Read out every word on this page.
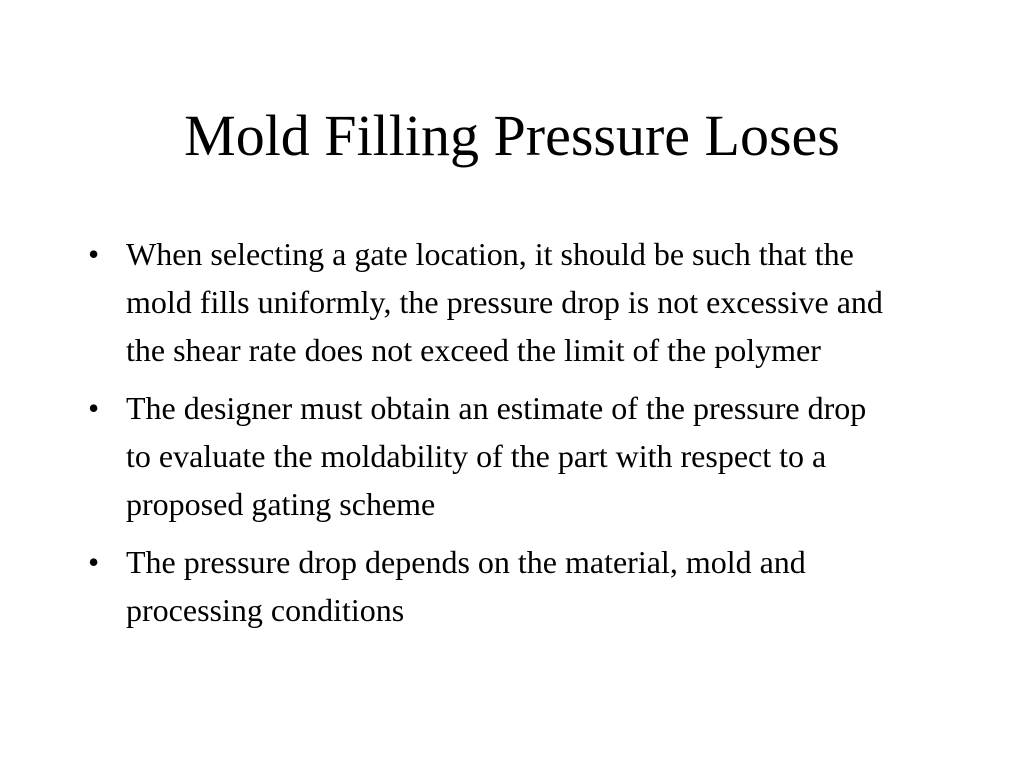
Mold Filling Pressure Loses
• When selecting a gate location, it should be such that the mold fills uniformly, the pressure drop is not excessive and the shear rate does not exceed the limit of the polymer
• The designer must obtain an estimate of the pressure drop to evaluate the moldability of the part with respect to a proposed gating scheme
• The pressure drop depends on the material, mold and processing conditions
